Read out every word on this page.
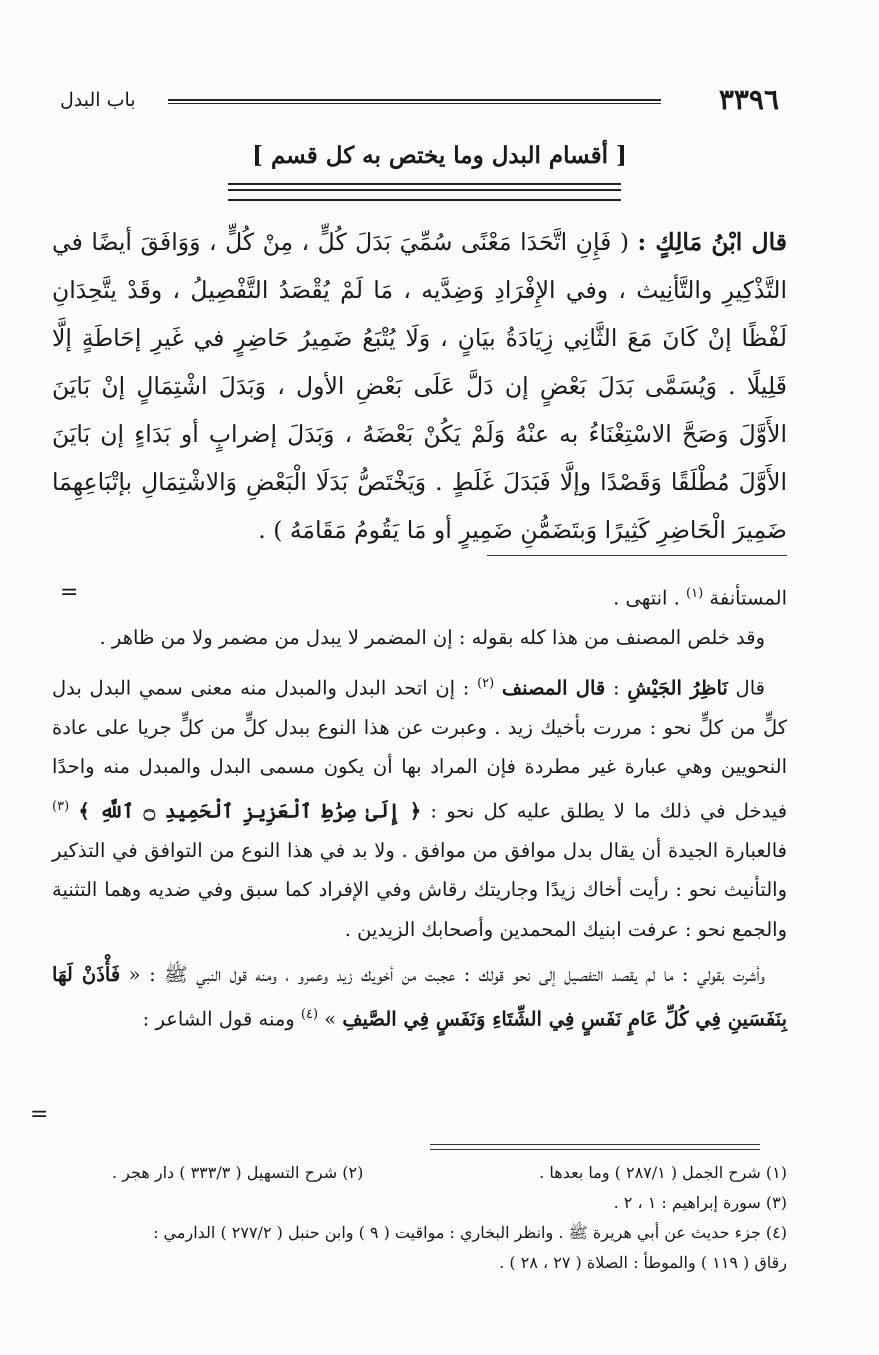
٣٣٩٦
باب البدل
[ أقسام البدل وما يختص به كل قسم ]
قال ابْنُ مَالِكٍ : ( فَإِنِ اتَّحَدَا مَعْنًى سُمِّيَ بَدَلَ كُلٍّ ، مِنْ كُلٍّ ، وَوَافَقَ أيضًا في التَّذْكِيرِ والتَّأنِيث ، وفي الإِفْرَادِ وَضِدَّيه ، مَا لَمْ يُقْصَدُ التَّفْصِيلُ ، وقَدْ يتَّحِدَانِ لَفْظًا إنْ كَانَ مَعَ الثَّانِي زِيَادَةُ بيَانٍ ، وَلَا يُتْبَعُ ضَمِيرُ حَاضِرٍ في غَيرِ إحَاطَةٍ إلَّا قَلِيلًا . وَيُسَمَّى بَدَلَ بَعْضٍ إن دَلَّ عَلَى بَعْضِ الأول ، وَبَدَلَ اشْتِمَالٍ إنْ بَايَنَ الأَوَّلَ وَصَحَّ الاسْتِغْنَاءُ به عنْهُ وَلَمْ يَكُنْ بَعْضَهُ ، وَبَدَلَ إضرابٍ أو بَدَاءٍ إن بَايَنَ الأَوَّلَ مُطْلَقًا وَقَصْدًا وإلَّا فَبَدَلَ غَلَطٍ . وَيَخْتَصُّ بَدَلَا الْبَعْضِ وَالاشْتِمَالِ بإتْبَاعِهِمَا ضَمِيرَ الْحَاضِرِ كَثِيرًا وَبتَضَمُّنِ ضَمِيرٍ أو مَا يَقُومُ مَقَامَهُ ) .
=	المستأنفة $^{(١)}$ . انتهى .

وقد خلص المصنف من هذا كله بقوله : إن المضمر لا يبدل من مضمر ولا من ظاهر .

قال نَاظِرُ الجَيْشِ : قال المصنف $^{(٢)}$ : إن اتحد البدل والمبدل منه معنى سمي البدل بدل كلٍّ من كلٍّ نحو : مررت بأخيك زيد . وعبرت عن هذا النوع ببدل كلٍّ من كلٍّ جريا على عادة النحويين وهي عبارة غير مطردة فإن المراد بها أن يكون مسمى البدل والمبدل منه واحدًا فيدخل في ذلك ما لا يطلق عليه كل نحو : ﴿ إِلَىٰ صِرَٰطِ ٱلْعَزِيزِ ٱلْحَمِيدِ ۝ ٱللَّهِ ﴾ $^{(٣)}$ فالعبارة الجيدة أن يقال بدل موافق من موافق . ولا بد في هذا النوع من التوافق في التذكير والتأنيث نحو : رأيت أخاك زيدًا وجاريتك رقاش وفي الإفراد كما سبق وفي ضديه وهما التثنية والجمع نحو : عرفت ابنيك المحمدين وأصحابك الزيدين .

وأشرت بقولي : ما لم يقصد التفصيل إلى نحو قولك : عجبت من أخويك زيد وعمرو ، ومنه قول النبي ﷺ : « فَأْذَنْ لَهَا بِنَفَسَينِ فِي كُلِّ عَامٍ نَفَسٍ فِي الشِّتَاءِ وَنَفَسٍ فِي الصَّيفِ » $^{(٤)}$ ومنه قول الشاعر :

=
(١) شرح الجمل ( ٢٨٧/١ ) وما بعدها .
(٢) شرح التسهيل ( ٣٣٣/٣ ) دار هجر .
(٣) سورة إبراهيم : ١ ، ٢ .
(٤) جزء حديث عن أبي هريرة ﷺ . وانظر البخاري : مواقيت ( ٩ ) وابن حنبل ( ٢٧٧/٢ ) الدارمي :
رقاق ( ١١٩ ) والموطأ : الصلاة ( ٢٧ ، ٢٨ ) .
